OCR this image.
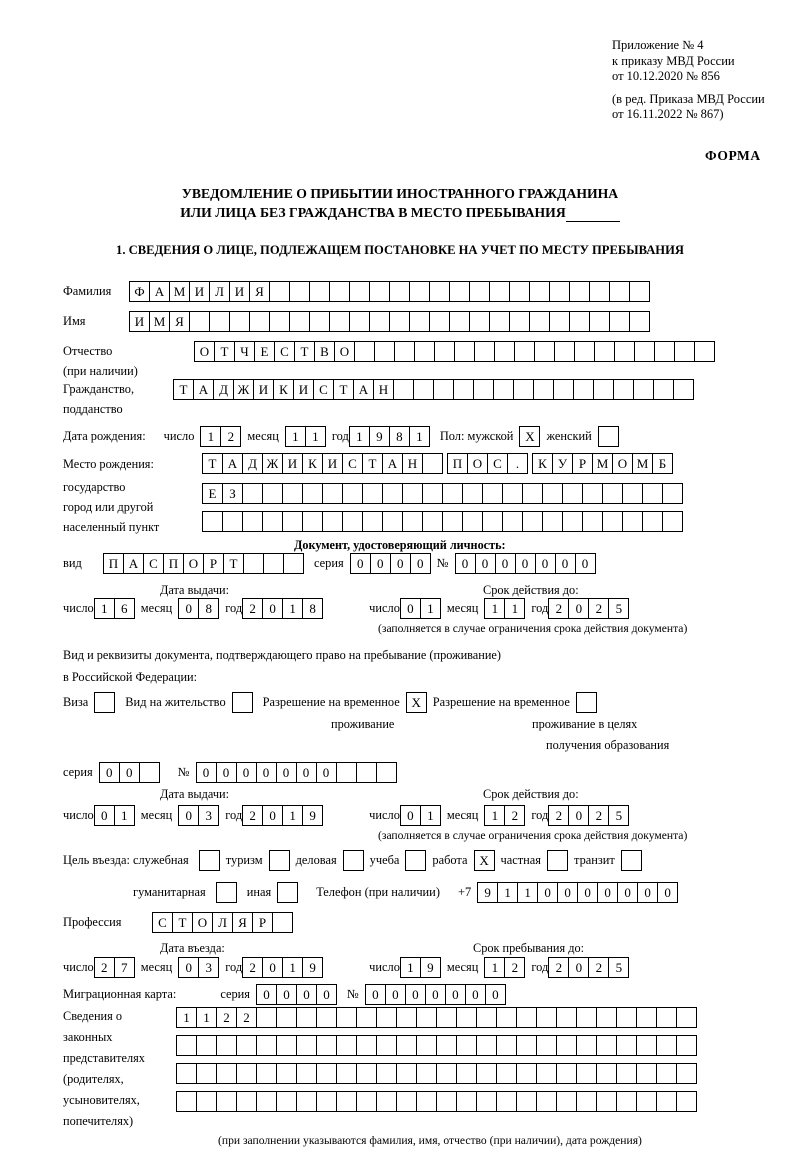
Приложение № 4
к приказу МВД России
от 10.12.2020 № 856
(в ред. Приказа МВД России
от 16.11.2022 № 867)
ФОРМА
УВЕДОМЛЕНИЕ О ПРИБЫТИИ ИНОСТРАННОГО ГРАЖДАНИНА
ИЛИ ЛИЦА БЕЗ ГРАЖДАНСТВА В МЕСТО ПРЕБЫВАНИЯ
1. СВЕДЕНИЯ О ЛИЦЕ, ПОДЛЕЖАЩЕМ ПОСТАНОВКЕ НА УЧЕТ ПО МЕСТУ ПРЕБЫВАНИЯ
Фамилия	Ф А М И Л И Я
Имя	И М Я
Отчество	О Т Ч Е С Т В О
(при наличии)
Гражданство,	Т А Д Ж И К И С Т А Н
подданство
Дата рождения: число	1	2	месяц	1	1	год 1	9	8	1	Пол: мужской Х женский
Место рождения:	Т А Д Ж И К И С Т А Н	П О С	.	К У Р М О М Б
государство	Е З
город или другой
населенный пункт
Документ, удостоверяющий личность:
вид	П А С П О Р Т	серия	0	0	0	0	№	0	0	0	0	0	0	0
Дата выдачи:	Срок действия до:
число 1	6	месяц	0	8	год 2	0	1	8	число 0	1	месяц	1	1	год 2	0	2	5
(заполняется в случае ограничения срока действия документа)
Вид и реквизиты документа, подтверждающего право на пребывание (проживание)
в Российской Федерации:
Виза	Вид на жительство	Разрешение на временное Х Разрешение на временное
проживание	проживание в целях
получения образования
серия	0	0	№	0	0	0	0	0	0	0
Дата выдачи:	Срок действия до:
число 0	1	месяц	0	3	год 2	0	1	9	число 0	1	месяц	1	2	год 2	0	2	5
(заполняется в случае ограничения срока действия документа)
Цель въезда: служебная	туризм	деловая	учеба	работа Х частная	транзит
гуманитарная	иная	Телефон (при наличии) +7	9	1	1	0	0	0	0	0	0	0
Профессия	С Т О Л Я Р
Дата въезда:	Срок пребывания до:
число 2	7	месяц	0	3	год 2	0	1	9	число 1	9	месяц	1	2	год 2	0	2	5
Миграционная карта:	серия	0	0	0	0	№	0	0	0	0	0	0	0
Сведения о
законных
представителях
(родителях,
усыновителях,
попечителях)
1	1	2	2
(при заполнении указываются фамилия, имя, отчество (при наличии), дата рождения)
